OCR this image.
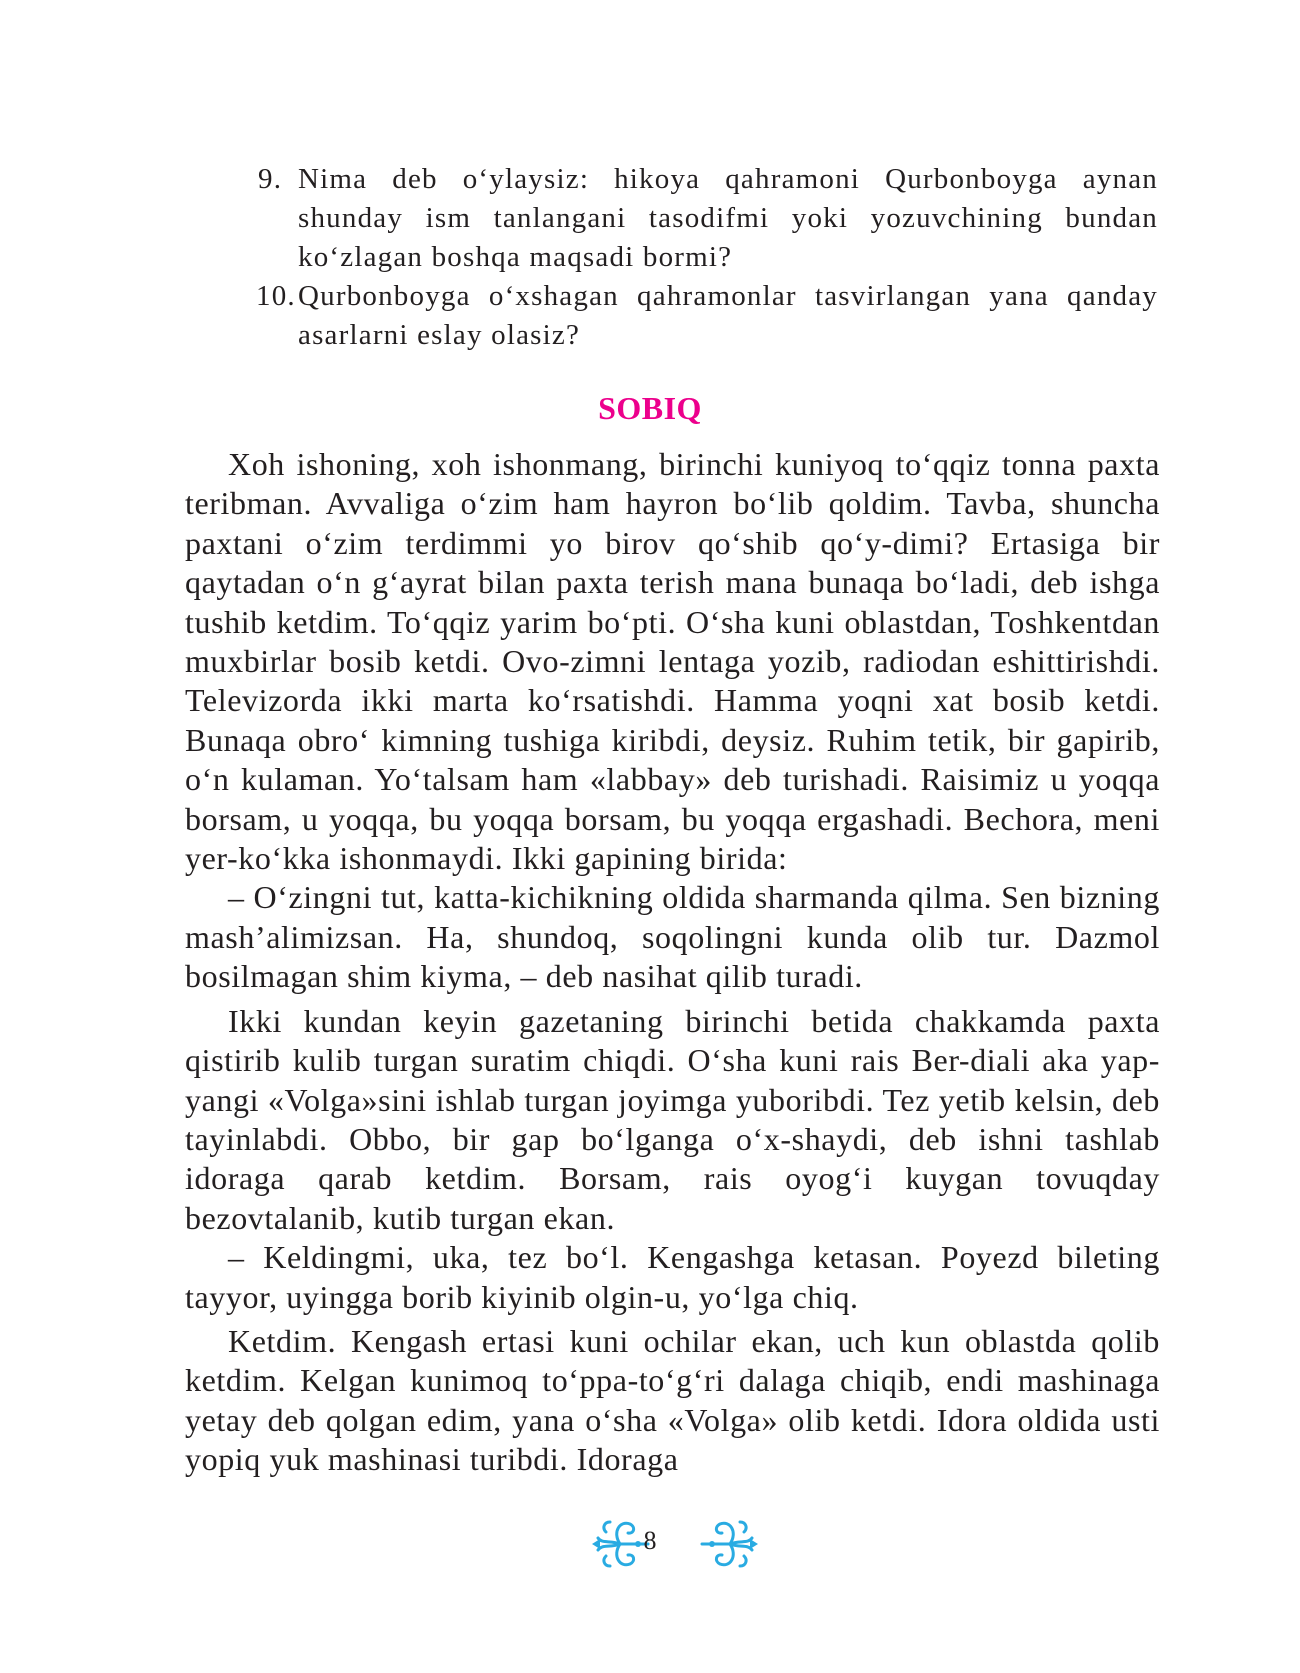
9. Nima deb o‘ylaysiz: hikoya qahramoni Qurbonboyga aynan shunday ism tanlangani tasodifmi yoki yozuvchining bundan ko‘zlagan boshqa maqsadi bormi?
10. Qurbonboyga o‘xshagan qahramonlar tasvirlangan yana qanday asarlarni eslay olasiz?
SOBIQ

Xoh ishoning, xoh ishonmang, birinchi kuniyoq to‘qqiz tonna paxta teribman. Avvaliga o‘zim ham hayron bo‘lib qoldim. Tavba, shuncha paxtani o‘zim terdimmi yo birov qo‘shib qo‘y-dimi? Ertasiga bir qaytadan o‘n g‘ayrat bilan paxta terish mana bunaqa bo‘ladi, deb ishga tushib ketdim. To‘qqiz yarim bo‘pti. O‘sha kuni oblastdan, Toshkentdan muxbirlar bosib ketdi. Ovo-zimni lentaga yozib, radiodan eshittirishdi. Televizorda ikki marta ko‘rsatishdi. Hamma yoqni xat bosib ketdi. Bunaqa obro‘ kimning tushiga kiribdi, deysiz. Ruhim tetik, bir gapirib, o‘n kulaman. Yo‘talsam ham «labbay» deb turishadi. Raisimiz u yoqqa borsam, u yoqqa, bu yoqqa borsam, bu yoqqa ergashadi. Bechora, meni yer-ko‘kka ishonmaydi. Ikki gapining birida:

– O‘zingni tut, katta-kichikning oldida sharmanda qilma. Sen bizning mash’alimizsan. Ha, shundoq, soqolingni kunda olib tur. Dazmol bosilmagan shim kiyma, – deb nasihat qilib turadi.

Ikki kundan keyin gazetaning birinchi betida chakkamda paxta qistirib kulib turgan suratim chiqdi. O‘sha kuni rais Ber-diali aka yap-yangi «Volga»sini ishlab turgan joyimga yuboribdi. Tez yetib kelsin, deb tayinlabdi. Obbo, bir gap bo‘lganga o‘x-shaydi, deb ishni tashlab idoraga qarab ketdim. Borsam, rais oyog‘i kuygan tovuqday bezovtalanib, kutib turgan ekan.

– Keldingmi, uka, tez bo‘l. Kengashga ketasan. Poyezd bileting tayyor, uyingga borib kiyinib olgin-u, yo‘lga chiq.

Ketdim. Kengash ertasi kuni ochilar ekan, uch kun oblastda qolib ketdim. Kelgan kunimoq to‘ppa-to‘g‘ri dalaga chiqib, endi mashinaga yetay deb qolgan edim, yana o‘sha «Volga» olib ketdi. Idora oldida usti yopiq yuk mashinasi turibdi. Idoraga

8
